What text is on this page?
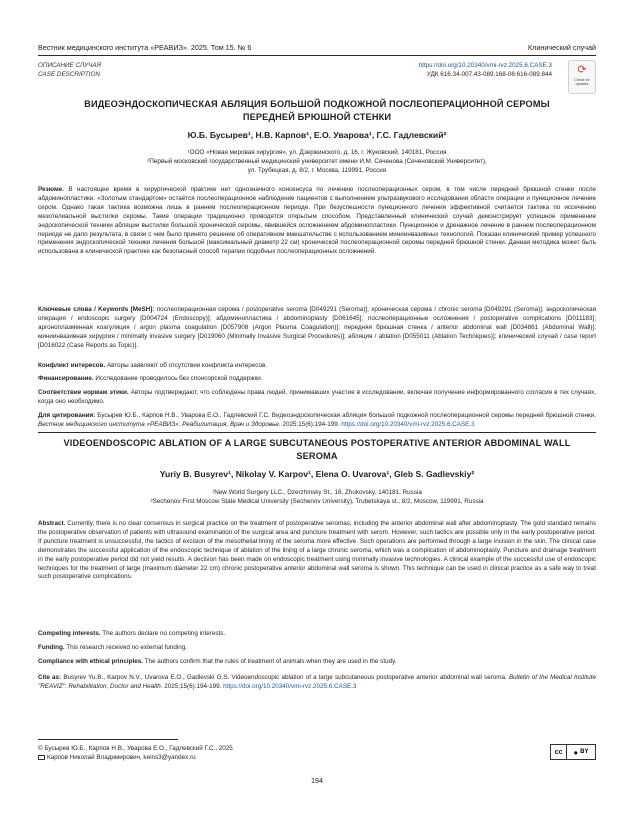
Вестник медицинского института «РЕАВИЗ». 2025. Том 15. № 6	Клинический случай
ОПИСАНИЕ СЛУЧАЯ
CASE DESCRIPTION
https://doi.org/10.20340/vmi-rvz.2025.6.CASE.3
УДК 616.34-007.43-089.168-06:616-089.844 ⟳
Check for updates
ВИДЕОЭНДОСКОПИЧЕСКАЯ АБЛЯЦИЯ БОЛЬШОЙ ПОДКОЖНОЙ ПОСЛЕОПЕРАЦИОННОЙ СЕРОМЫ ПЕРЕДНЕЙ БРЮШНОЙ СТЕНКИ
Ю.Б. Бусырев¹, Н.В. Карпов¹, Е.О. Уварова¹, Г.С. Гадлевский²
¹ООО «Новая мировая хирургия», ул. Дзержинского, д. 16, г. Жуковский, 140181, Россия
²Первый московский государственный медицинский университет имени И.М. Сеченова (Сеченовский Университет),
ул. Трубецкая, д. 8/2, г. Москва, 119991, Россия
Резюме. В настоящее время в хирургической практике нет однозначного консенсуса по лечению послеоперационных сером, в том числе передней брюшной стенки после абдоминопластики. «Золотым стандартом» остаётся послеоперационное наблюдение пациентов с выполнением ультразвукового исследования области операции и пункционное лечение сером. Однако такая тактика возможна лишь в раннем послеоперационном периоде. При безуспешности пункционного лечения эффективной считается тактика по иссечению мезотелиальной выстилки серомы. Такие операции традиционно проводятся открытым способом. Представленный клинический случай демонстрирует успешное применение эндоскопической техники абляции выстилки большой хронической серомы, явившейся осложнением абдоминопластики. Пункционное и дренажное лечение в раннем послеоперационном периоде не дало результата, в связи с чем было принято решение об оперативном вмешательстве с использованием миниинвазивных технологий. Показан клинический пример успешного применения эндоскопической техники лечения большой (максимальный диаметр 22 см) хронической послеоперационной серомы передней брюшной стенки. Данная методика может быть использована в клинической практике как безопасный способ терапии подобных послеоперационных осложнений.
Ключевые слова / Keywords [MeSH]: послеоперационная серома / postoperative seroma [D049291 (Seroma)]; хроническая серома / chronic seroma [D049291 (Seroma)]; эндоскопическая операция / endoscopic surgery [D004724 (Endoscopy)]; абдоминопластика / abdominoplasty [D061645]; послеоперационные осложнения / postoperative complications [D011183]; аргоноплазменная коагуляция / argon plasma coagulation [D057908 (Argon Plasma Coagulation)]; передняя брюшная стенка / anterior abdominal wall [D034861 (Abdominal Wall)]; миниинвазивная хирургия / minimally invasive surgery [D019060 (Minimally Invasive Surgical Procedures)]; абляция / ablation [D055011 (Ablation Techniques)]; клинический случай / case report [D016022 (Case Reports as Topic)].
Конфликт интересов. Авторы заявляют об отсутствии конфликта интересов.
Финансирование. Исследование проводилось без спонсорской поддержки.
Соответствие нормам этики. Авторы подтверждают, что соблюдены права людей, принимавших участие в исследовании, включая получение информированного согласия в тех случаях, когда оно необходимо.
Для цитирования: Бусырев Ю.Б., Карпов Н.В., Уварова Е.О., Гадлевский Г.С. Видеоэндоскопическая абляция большой подкожной послеоперационной серомы передней брюшной стенки. Вестник медицинского института «РЕАВИЗ»: Реабилитация, Врач и Здоровье. 2025;15(6):194-199. https://doi.org/10.20340/vmi-rvz.2025.6.CASE.3
VIDEOENDOSCOPIC ABLATION OF A LARGE SUBCUTANEOUS POSTOPERATIVE ANTERIOR ABDOMINAL WALL SEROMA
Yuriy B. Busyrev¹, Nikolay V. Karpov¹, Elena O. Uvarova¹, Gleb S. Gadlevskiy²
¹New World Surgery LLC., Dzerzhinsky St., 16, Zhukovsky, 140181, Russia
²Sechenov First Moscow State Medical University (Sechenov University), Trubetskaya st., 8/2, Moscow, 119991, Russia
Abstract. Currently, there is no clear consensus in surgical practice on the treatment of postoperative seromas, including the anterior abdominal wall after abdominoplasty. The gold standard remains the postoperative observation of patients with ultrasound examination of the surgical area and puncture treatment with serom. However, such tactics are possible only in the early postoperative period. If puncture treatment is unsuccessful, the tactics of excision of the mesothelial lining of the seroma more effective. Such operations are performed through a large incision in the skin. The clinical case demonstrates the successful application of the endoscopic technique of ablation of the lining of a large chronic seroma, which was a complication of abdominoplasty. Puncture and drainage treatment in the early postoperative period did not yield results. A decision has been made on endoscopic treatment using minimally invasive technologies. A clinical example of the successful use of endoscopic techniques for the treatment of large (maximum diameter 22 cm) chronic postoperative anterior abdominal wall seroma is shown. This technique can be used in clinical practice as a safe way to treat such postoperative complications.
Competing interests. The authors declare no competing interests.
Funding. This research received no external funding.
Compliance with ethical principles. The authors confirm that the rules of treatment of animals when they are used in the study.
Cite as: Busyrev Yu.B., Karpov N.V., Uvarova E.O., Gadlevski G.S. Videoendoscopic ablation of a large subcutaneous postoperative anterior abdominal wall seroma. Bulletin of the Medical Institute "REAVIZ": Rehabilitation, Doctor and Health. 2025;15(6):194-199. https://doi.org/10.20340/vmi-rvz.2025.6.CASE.3
© Бусырев Ю.Б., Карпов Н.В., Уварова Е.О., Гадлевский Г.С., 2025
Карпов Николай Владимирович, keins3@yandex.ru
cc	● BY
194
